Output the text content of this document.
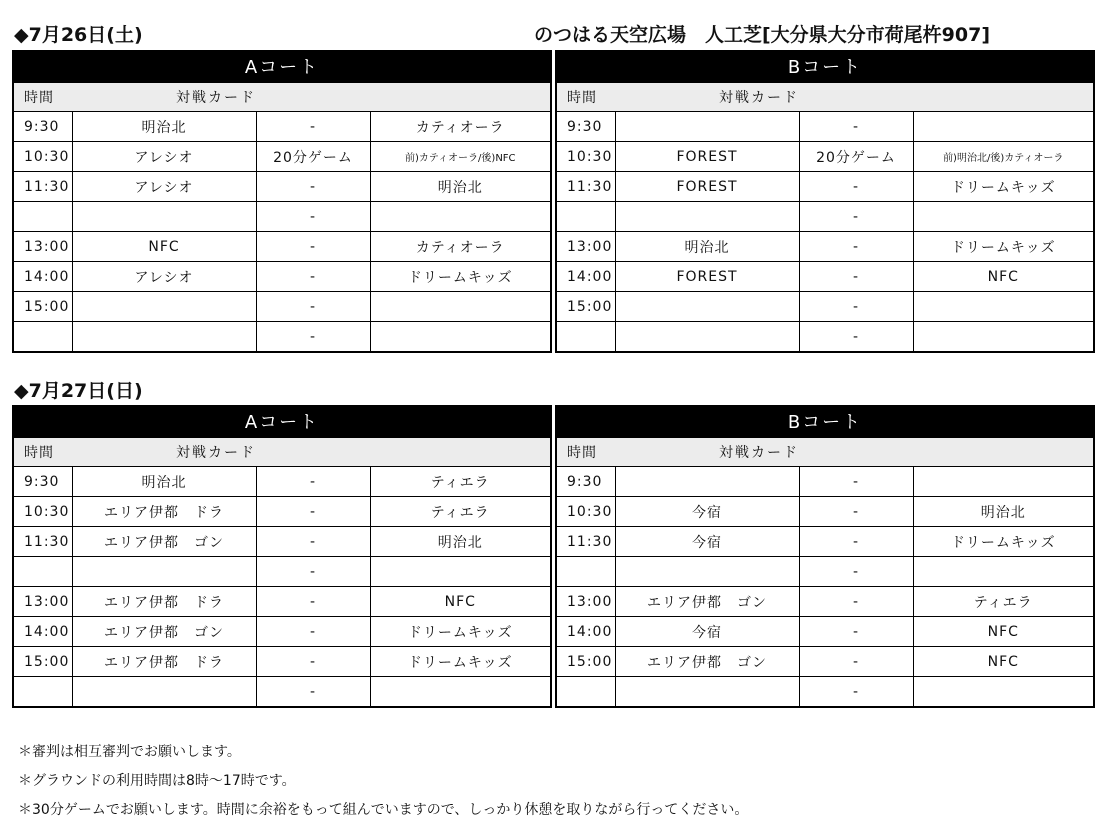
◆7月26日(土)	のつはる天空広場　人工芝[大分県大分市荷尾杵907]
Aコート
時間	対戦カード		
9:30	明治北	-	カティオーラ
10:30	アレシオ	20分ゲーム	前)カティオーラ/後)NFC
11:30	アレシオ	-	明治北
		-	
13:00	NFC	-	カティオーラ
14:00	アレシオ	-	ドリームキッズ
15:00		-	
		-	
Bコート
時間	対戦カード		
9:30		-	
10:30	FOREST	20分ゲーム	前)明治北/後)カティオーラ
11:30	FOREST	-	ドリームキッズ
		-	
13:00	明治北	-	ドリームキッズ
14:00	FOREST	-	NFC
15:00		-	
		-	
◆7月27日(日)
Aコート
時間	対戦カード		
9:30	明治北	-	ティエラ
10:30	エリア伊都　ドラ	-	ティエラ
11:30	エリア伊都　ゴン	-	明治北
		-	
13:00	エリア伊都　ドラ	-	NFC
14:00	エリア伊都　ゴン	-	ドリームキッズ
15:00	エリア伊都　ドラ	-	ドリームキッズ
		-	
Bコート
時間	対戦カード		
9:30		-	
10:30	今宿	-	明治北
11:30	今宿	-	ドリームキッズ
		-	
13:00	エリア伊都　ゴン	-	ティエラ
14:00	今宿	-	NFC
15:00	エリア伊都　ゴン	-	NFC
		-	
＊審判は相互審判でお願いします。
＊グラウンドの利用時間は8時～17時です。
＊30分ゲームでお願いします。時間に余裕をもって組んでいますので、しっかり休憩を取りながら行ってください。
